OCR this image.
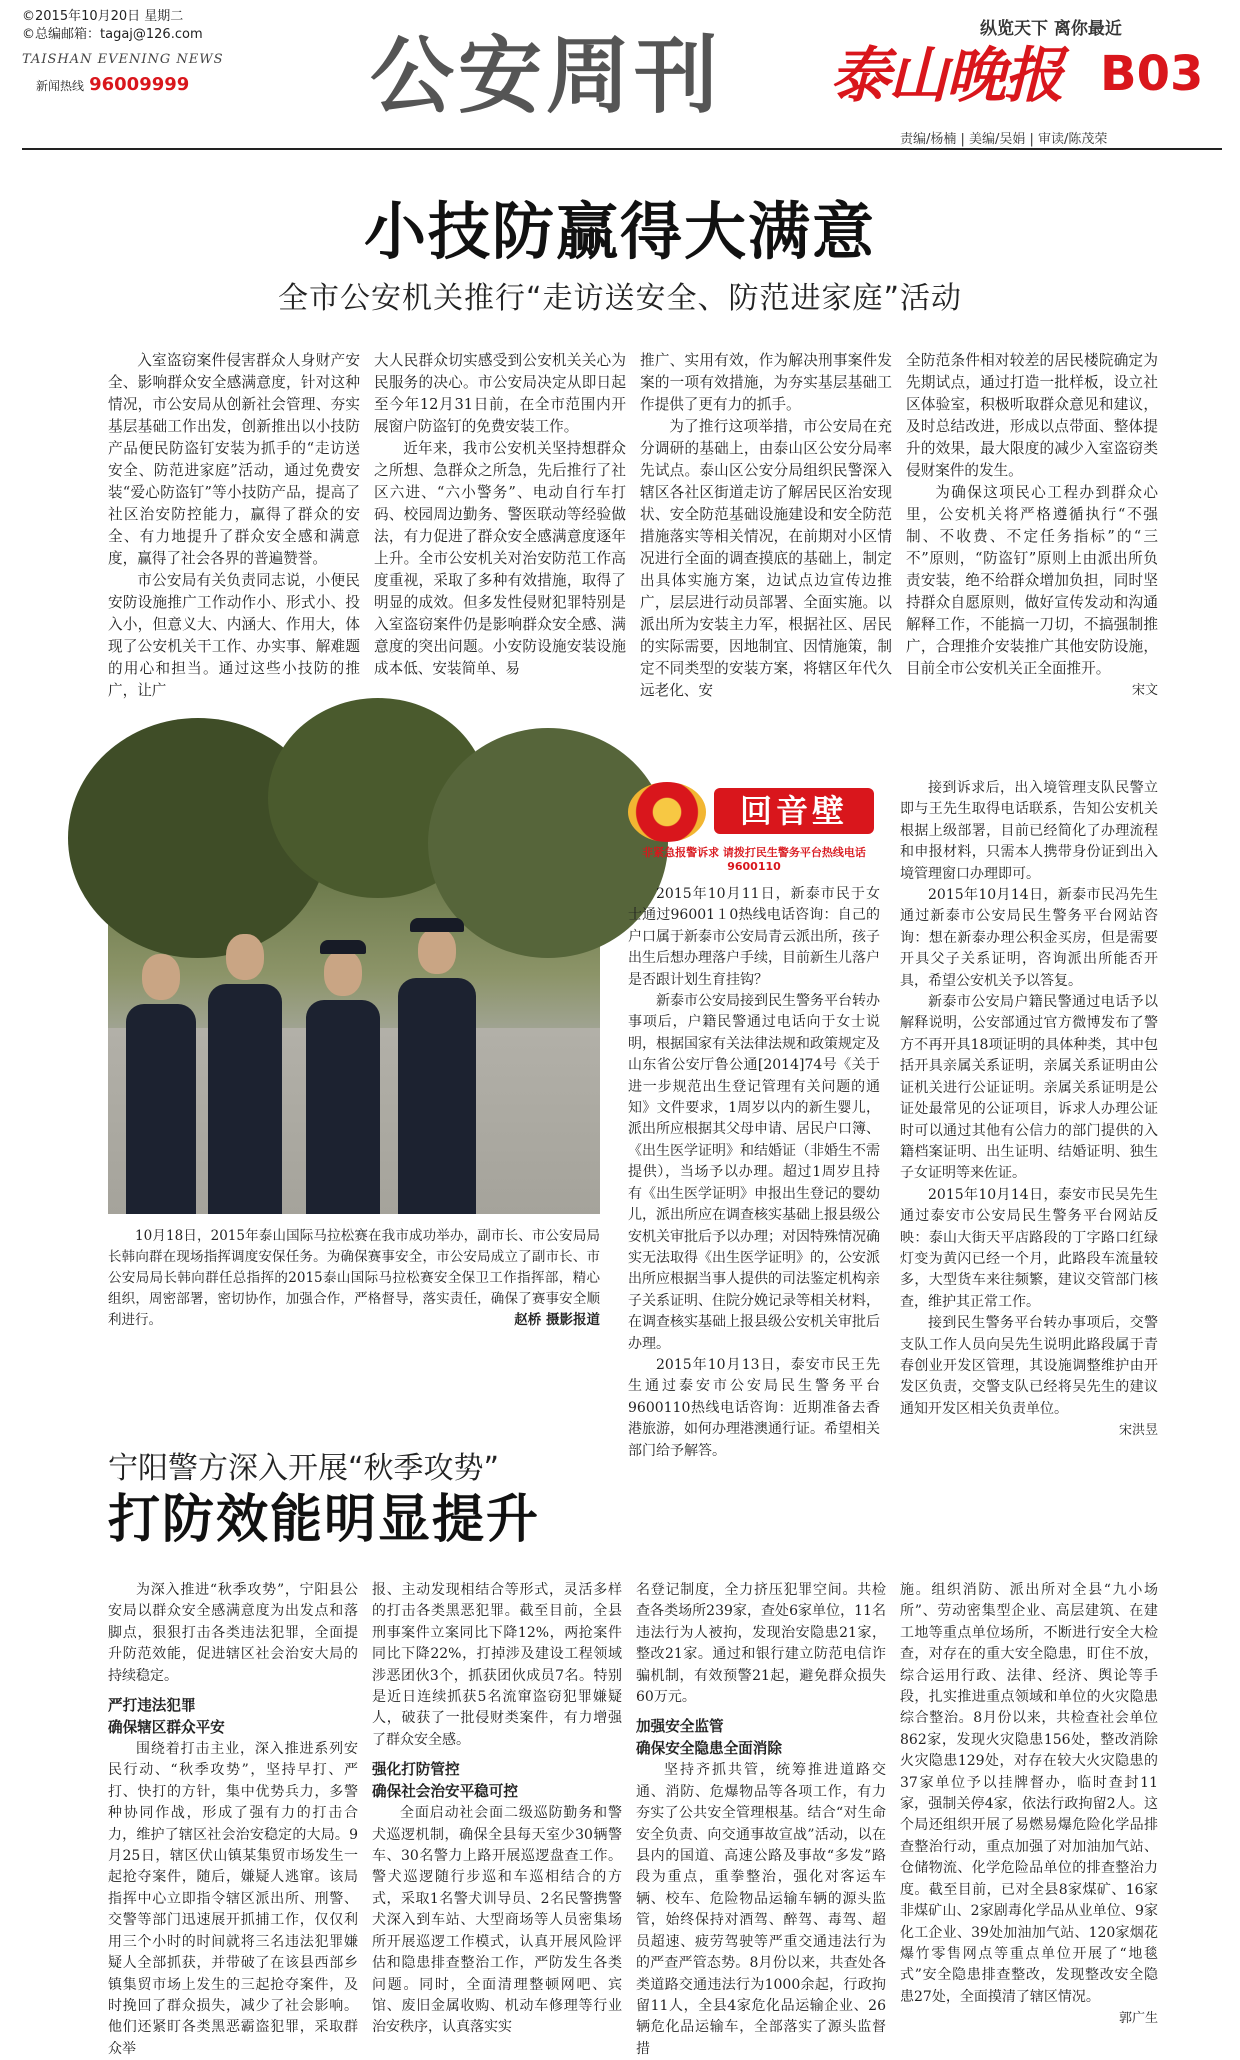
©2015年10月20日 星期二
©总编邮箱：tagaj@126.com
TAISHAN EVENING NEWS
新闻热线 96009999 公安周刊	纵览天下 离你最近
泰山晚报 B03
责编/杨楠 | 美编/吴娟 | 审读/陈茂荣
小技防赢得大满意
全市公安机关推行“走访送安全、防范进家庭”活动

入室盗窃案件侵害群众人身财产安全、影响群众安全感满意度，针对这种情况，市公安局从创新社会管理、夯实基层基础工作出发，创新推出以小技防产品便民防盗钉安装为抓手的“走访送安全、防范进家庭”活动，通过免费安装“爱心防盗钉”等小技防产品，提高了社区治安防控能力，赢得了群众的安全、有力地提升了群众安全感和满意度，赢得了社会各界的普遍赞誉。

市公安局有关负责同志说，小便民安防设施推广工作动作小、形式小、投入小，但意义大、内涵大、作用大，体现了公安机关干工作、办实事、解难题的用心和担当。通过这些小技防的推广，让广

大人民群众切实感受到公安机关关心为民服务的决心。市公安局决定从即日起至今年12月31日前，在全市范围内开展窗户防盗钉的免费安装工作。

近年来，我市公安机关坚持想群众之所想、急群众之所急，先后推行了社区六进、“六小警务”、电动自行车打码、校园周边勤务、警医联动等经验做法，有力促进了群众安全感满意度逐年上升。全市公安机关对治安防范工作高度重视，采取了多种有效措施，取得了明显的成效。但多发性侵财犯罪特别是入室盗窃案件仍是影响群众安全感、满意度的突出问题。小安防设施安装设施成本低、安装简单、易

推广、实用有效，作为解决刑事案件发案的一项有效措施，为夯实基层基础工作提供了更有力的抓手。

为了推行这项举措，市公安局在充分调研的基础上，由泰山区公安分局率先试点。泰山区公安分局组织民警深入辖区各社区街道走访了解居民区治安现状、安全防范基础设施建设和安全防范措施落实等相关情况，在前期对小区情况进行全面的调查摸底的基础上，制定出具体实施方案，边试点边宣传边推广，层层进行动员部署、全面实施。以派出所为安装主力军，根据社区、居民的实际需要，因地制宜、因情施策，制定不同类型的安装方案，将辖区年代久远老化、安

全防范条件相对较差的居民楼院确定为先期试点，通过打造一批样板，设立社区体验室，积极听取群众意见和建议，及时总结改进，形成以点带面、整体提升的效果，最大限度的减少入室盗窃类侵财案件的发生。

为确保这项民心工程办到群众心里，公安机关将严格遵循执行“不强制、不收费、不定任务指标”的“三不”原则，“防盗钉”原则上由派出所负责安装，绝不给群众增加负担，同时坚持群众自愿原则，做好宣传发动和沟通解释工作，不能搞一刀切，不搞强制推广，合理推介安装推广其他安防设施，目前全市公安机关正全面推开。

宋文
10月18日，2015年泰山国际马拉松赛在我市成功举办，副市长、市公安局局长韩向群在现场指挥调度安保任务。为确保赛事安全，市公安局成立了副市长、市公安局局长韩向群任总指挥的2015泰山国际马拉松赛安全保卫工作指挥部，精心组织，周密部署，密切协作，加强合作，严格督导，落实责任，确保了赛事安全顺利进行。	赵桥 摄影报道
回音壁
非紧急报警诉求 请拨打民生警务平台热线电话 9600110

2015年10月11日，新泰市民于女士通过96001１0热线电话咨询：自己的户口属于新泰市公安局青云派出所，孩子出生后想办理落户手续，目前新生儿落户是否跟计划生育挂钩？

新泰市公安局接到民生警务平台转办事项后，户籍民警通过电话向于女士说明，根据国家有关法律法规和政策规定及山东省公安厅鲁公通[2014]74号《关于进一步规范出生登记管理有关问题的通知》文件要求，1周岁以内的新生婴儿，派出所应根据其父母申请、居民户口簿、《出生医学证明》和结婚证（非婚生不需提供），当场予以办理。超过1周岁且持有《出生医学证明》申报出生登记的婴幼儿，派出所应在调查核实基础上报县级公安机关审批后予以办理；对因特殊情况确实无法取得《出生医学证明》的，公安派出所应根据当事人提供的司法鉴定机构亲子关系证明、住院分娩记录等相关材料，在调查核实基础上报县级公安机关审批后办理。

2015年10月13日，泰安市民王先生通过泰安市公安局民生警务平台9600110热线电话咨询：近期准备去香港旅游，如何办理港澳通行证。希望相关部门给予解答。

接到诉求后，出入境管理支队民警立即与王先生取得电话联系，告知公安机关根据上级部署，目前已经简化了办理流程和申报材料，只需本人携带身份证到出入境管理窗口办理即可。

2015年10月14日，新泰市民冯先生通过新泰市公安局民生警务平台网站咨询：想在新泰办理公积金买房，但是需要开具父子关系证明，咨询派出所能否开具，希望公安机关予以答复。

新泰市公安局户籍民警通过电话予以解释说明，公安部通过官方微博发布了警方不再开具18项证明的具体种类，其中包括开具亲属关系证明，亲属关系证明由公证机关进行公证证明。亲属关系证明是公证处最常见的公证项目，诉求人办理公证时可以通过其他有公信力的部门提供的入籍档案证明、出生证明、结婚证明、独生子女证明等来佐证。

2015年10月14日，泰安市民吴先生通过泰安市公安局民生警务平台网站反映：泰山大街天平店路段的丁字路口红绿灯变为黄闪已经一个月，此路段车流量较多，大型货车来往频繁，建议交管部门核查，维护其正常工作。

接到民生警务平台转办事项后，交警支队工作人员向吴先生说明此路段属于青春创业开发区管理，其设施调整维护由开发区负责，交警支队已经将吴先生的建议通知开发区相关负责单位。

宋洪昱
宁阳警方深入开展“秋季攻势”
打防效能明显提升

为深入推进“秋季攻势”，宁阳县公安局以群众安全感满意度为出发点和落脚点，狠狠打击各类违法犯罪，全面提升防范效能，促进辖区社会治安大局的持续稳定。

严打违法犯罪
确保辖区群众平安

围绕着打击主业，深入推进系列安民行动、“秋季攻势”，坚持早打、严打、快打的方针，集中优势兵力，多警种协同作战，形成了强有力的打击合力，维护了辖区社会治安稳定的大局。9月25日，辖区伏山镇某集贸市场发生一起抢夺案件，随后，嫌疑人逃窜。该局指挥中心立即指令辖区派出所、刑警、交警等部门迅速展开抓捕工作，仅仅利用三个小时的时间就将三名违法犯罪嫌疑人全部抓获，并带破了在该县西部乡镇集贸市场上发生的三起抢夺案件，及时挽回了群众损失，减少了社会影响。他们还紧盯各类黑恶霸盗犯罪，采取群众举

报、主动发现相结合等形式，灵活多样的打击各类黑恶犯罪。截至目前，全县刑事案件立案同比下降12%，两抢案件同比下降22%，打掉涉及建设工程领域涉恶团伙3个，抓获团伙成员7名。特别是近日连续抓获5名流窜盗窃犯罪嫌疑人，破获了一批侵财类案件，有力增强了群众安全感。

强化打防管控
确保社会治安平稳可控

全面启动社会面二级巡防勤务和警犬巡逻机制，确保全县每天室少30辆警车、30名警力上路开展巡逻盘查工作。警犬巡逻随行步巡和车巡相结合的方式，采取1名警犬训导员、2名民警携警犬深入到车站、大型商场等人员密集场所开展巡逻工作模式，认真开展风险评估和隐患排查整治工作，严防发生各类问题。同时，全面清理整顿网吧、宾馆、废旧金属收购、机动车修理等行业治安秩序，认真落实实

名登记制度，全力挤压犯罪空间。共检查各类场所239家，查处6家单位，11名违法行为人被拘，发现治安隐患21家，整改21家。通过和银行建立防范电信诈骗机制，有效预警21起，避免群众损失60万元。

加强安全监管
确保安全隐患全面消除

坚持齐抓共管，统筹推进道路交通、消防、危爆物品等各项工作，有力夯实了公共安全管理根基。结合“对生命安全负责、向交通事故宣战”活动，以在县内的国道、高速公路及事故“多发”路段为重点，重拳整治，强化对客运车辆、校车、危险物品运输车辆的源头监管，始终保持对酒驾、醉驾、毒驾、超员超速、疲劳驾驶等严重交通违法行为的严查严管态势。8月份以来，共查处各类道路交通违法行为1000余起，行政拘留11人，全县4家危化品运输企业、26辆危化品运输车，全部落实了源头监督措

施。组织消防、派出所对全县“九小场所”、劳动密集型企业、高层建筑、在建工地等重点单位场所，不断进行安全大检查，对存在的重大安全隐患，盯住不放，综合运用行政、法律、经济、舆论等手段，扎实推进重点领域和单位的火灾隐患综合整治。8月份以来，共检查社会单位862家，发现火灾隐患156处，整改消除火灾隐患129处，对存在较大火灾隐患的37家单位予以挂牌督办，临时查封11家，强制关停4家，依法行政拘留2人。这个局还组织开展了易燃易爆危险化学品排查整治行动，重点加强了对加油加气站、仓储物流、化学危险品单位的排查整治力度。截至目前，已对全县8家煤矿、16家非煤矿山、2家剧毒化学品从业单位、9家化工企业、39处加油加气站、120家烟花爆竹零售网点等重点单位开展了“地毯式”安全隐患排查整改，发现整改安全隐患27处，全面摸清了辖区情况。

郭广生
